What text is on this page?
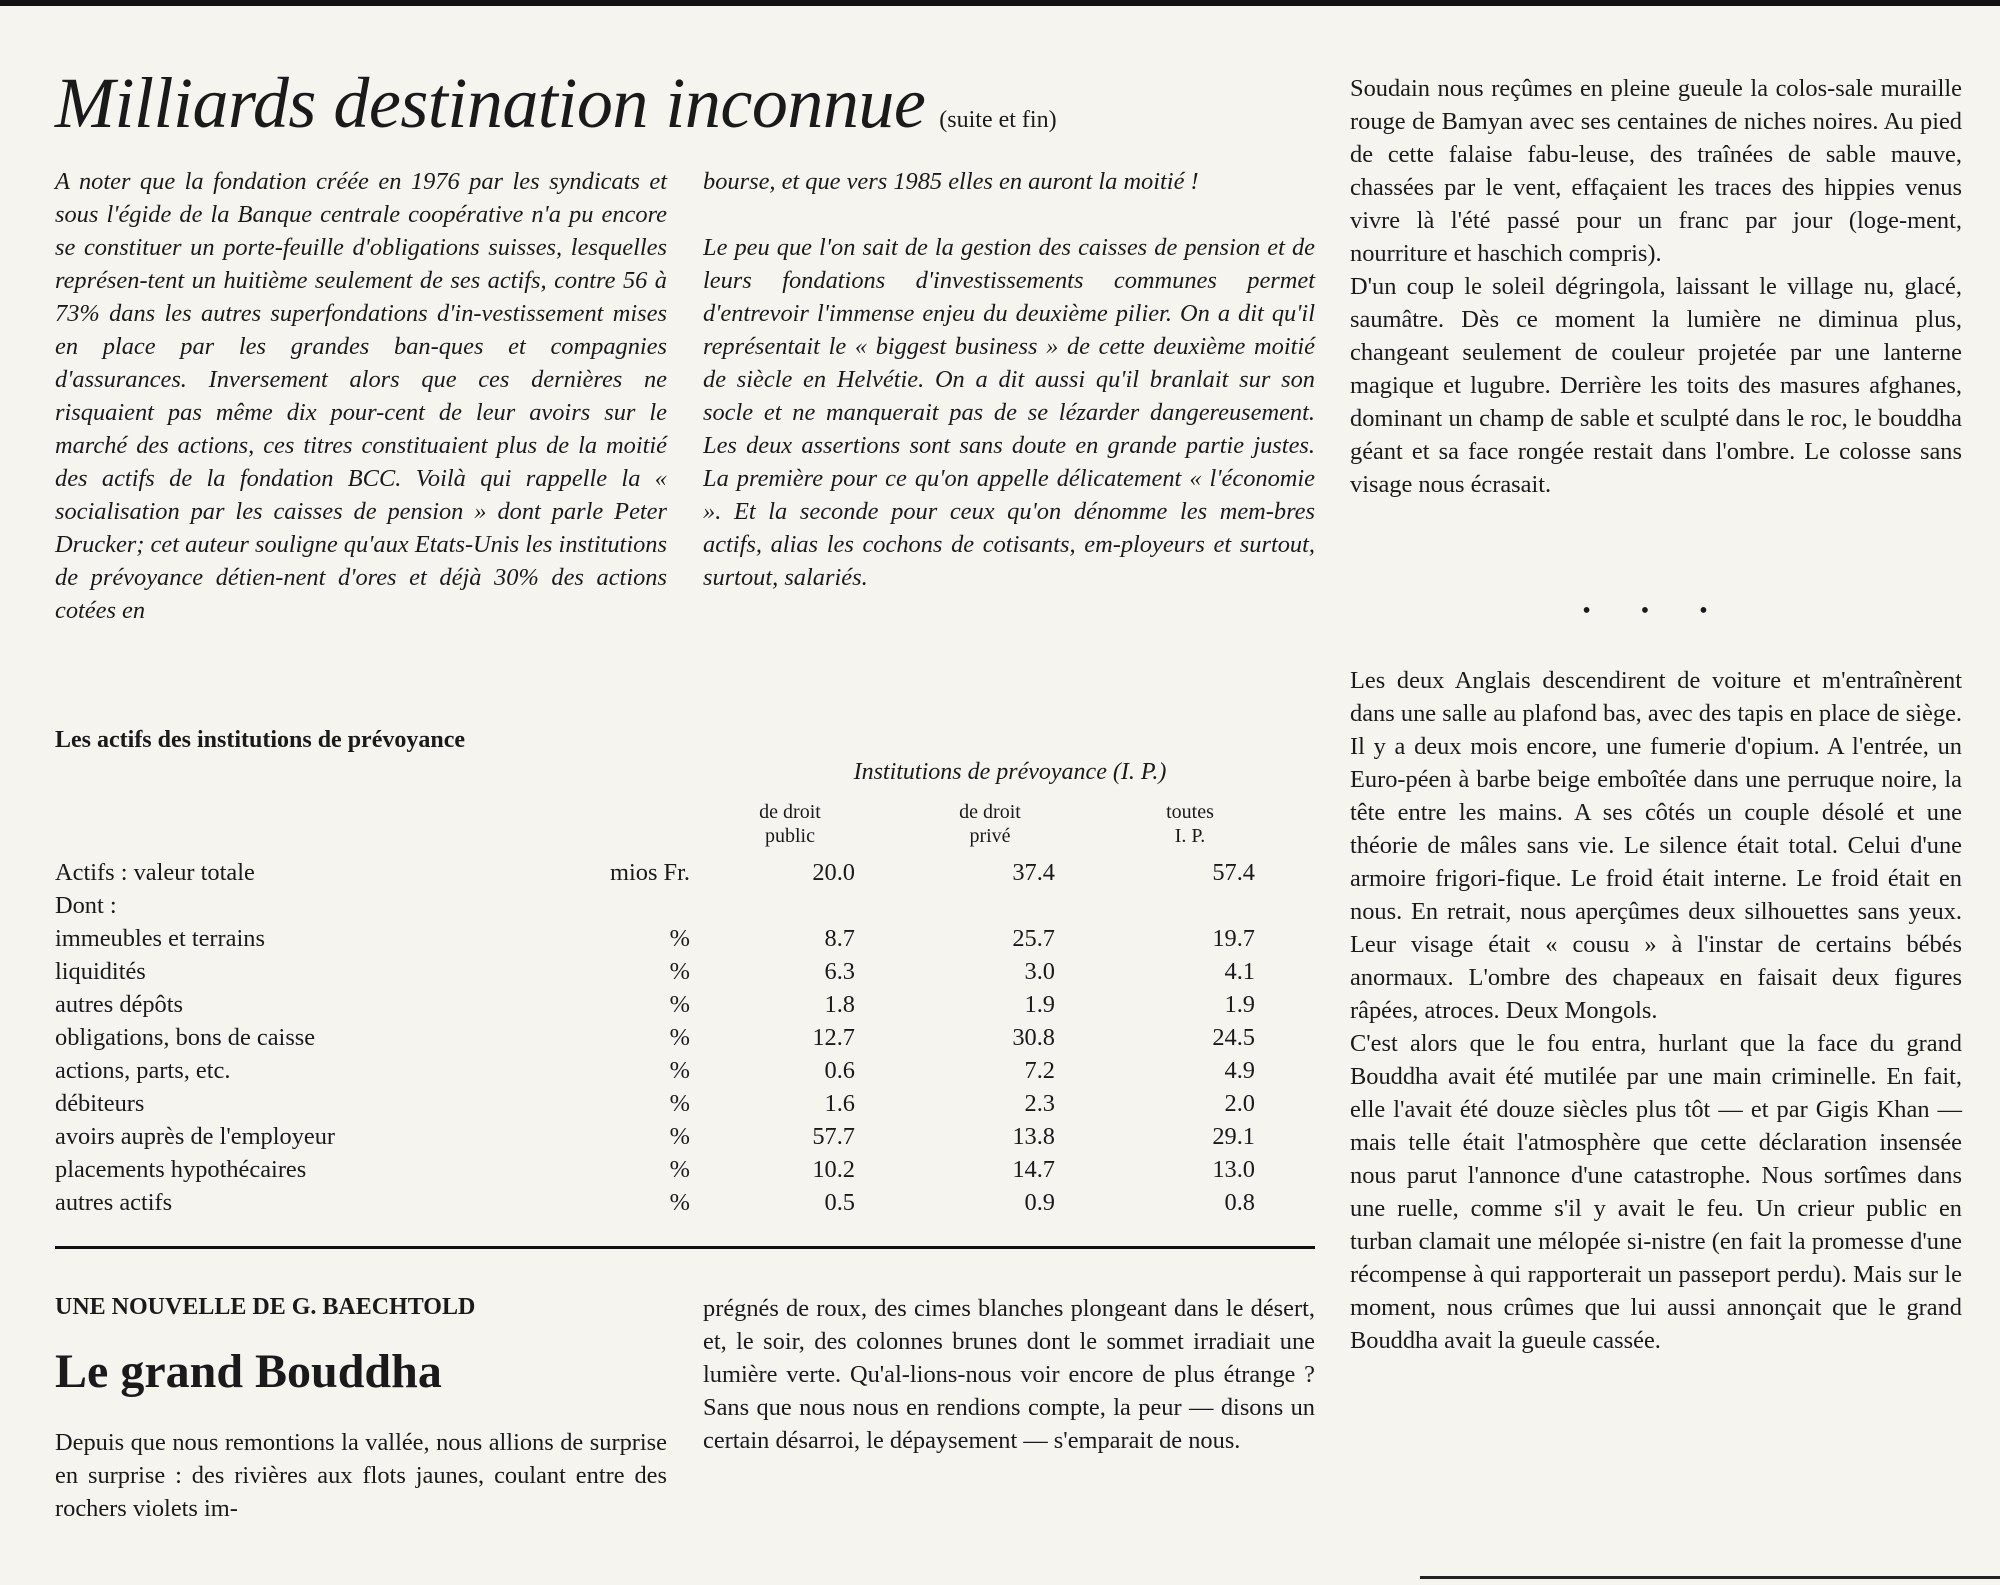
Milliards destination inconnue (suite et fin)

A noter que la fondation créée en 1976 par les syndicats et sous l'égide de la Banque centrale coopérative n'a pu encore se constituer un porte-feuille d'obligations suisses, lesquelles représen-tent un huitième seulement de ses actifs, contre 56 à 73% dans les autres superfondations d'in-vestissement mises en place par les grandes ban-ques et compagnies d'assurances. Inversement alors que ces dernières ne risquaient pas même dix pour-cent de leur avoirs sur le marché des actions, ces titres constituaient plus de la moitié des actifs de la fondation BCC. Voilà qui rappelle la « socialisation par les caisses de pension » dont parle Peter Drucker; cet auteur souligne qu'aux Etats-Unis les institutions de prévoyance détien-nent d'ores et déjà 30% des actions cotées en

bourse, et que vers 1985 elles en auront la moitié !

Le peu que l'on sait de la gestion des caisses de pension et de leurs fondations d'investissements communes permet d'entrevoir l'immense enjeu du deuxième pilier. On a dit qu'il représentait le « biggest business » de cette deuxième moitié de siècle en Helvétie. On a dit aussi qu'il branlait sur son socle et ne manquerait pas de se lézarder dangereusement. Les deux assertions sont sans doute en grande partie justes. La première pour ce qu'on appelle délicatement « l'économie ». Et la seconde pour ceux qu'on dénomme les mem-bres actifs, alias les cochons de cotisants, em-ployeurs et surtout, surtout, salariés.

Soudain nous reçûmes en pleine gueule la colos-sale muraille rouge de Bamyan avec ses centaines de niches noires. Au pied de cette falaise fabu-leuse, des traînées de sable mauve, chassées par le vent, effaçaient les traces des hippies venus vivre là l'été passé pour un franc par jour (loge-ment, nourriture et haschich compris).

D'un coup le soleil dégringola, laissant le village nu, glacé, saumâtre. Dès ce moment la lumière ne diminua plus, changeant seulement de couleur projetée par une lanterne magique et lugubre. Derrière les toits des masures afghanes, dominant un champ de sable et sculpté dans le roc, le bouddha géant et sa face rongée restait dans l'ombre. Le colosse sans visage nous écrasait.

• • •

Les deux Anglais descendirent de voiture et m'entraînèrent dans une salle au plafond bas, avec des tapis en place de siège. Il y a deux mois encore, une fumerie d'opium. A l'entrée, un Euro-péen à barbe beige emboîtée dans une perruque noire, la tête entre les mains. A ses côtés un couple désolé et une théorie de mâles sans vie. Le silence était total. Celui d'une armoire frigori-fique. Le froid était interne. Le froid était en nous. En retrait, nous aperçûmes deux silhouettes sans yeux. Leur visage était « cousu » à l'instar de certains bébés anormaux. L'ombre des chapeaux en faisait deux figures râpées, atroces. Deux Mongols.

C'est alors que le fou entra, hurlant que la face du grand Bouddha avait été mutilée par une main criminelle. En fait, elle l'avait été douze siècles plus tôt — et par Gigis Khan — mais telle était l'atmosphère que cette déclaration insensée nous parut l'annonce d'une catastrophe. Nous sortîmes dans une ruelle, comme s'il y avait le feu. Un crieur public en turban clamait une mélopée si-nistre (en fait la promesse d'une récompense à qui rapporterait un passeport perdu). Mais sur le moment, nous crûmes que lui aussi annonçait que le grand Bouddha avait la gueule cassée.

Les actifs des institutions de prévoyance
Institutions de prévoyance (I. P.)
de droit
public
de droit
privé
toutes
I. P.
Actifs : valeur totale	mios Fr.	20.0	37.4	57.4
Dont :
immeubles et terrains	%	8.7	25.7	19.7
liquidités	%	6.3	3.0	4.1
autres dépôts	%	1.8	1.9	1.9
obligations, bons de caisse	%	12.7	30.8	24.5
actions, parts, etc.	%	0.6	7.2	4.9
débiteurs	%	1.6	2.3	2.0
avoirs auprès de l'employeur	%	57.7	13.8	29.1
placements hypothécaires	%	10.2	14.7	13.0
autres actifs	%	0.5	0.9	0.8
UNE NOUVELLE DE G. BAECHTOLD
Le grand Bouddha

Depuis que nous remontions la vallée, nous allions de surprise en surprise : des rivières aux flots jaunes, coulant entre des rochers violets im-

prégnés de roux, des cimes blanches plongeant dans le désert, et, le soir, des colonnes brunes dont le sommet irradiait une lumière verte. Qu'al-lions-nous voir encore de plus étrange ? Sans que nous nous en rendions compte, la peur — disons un certain désarroi, le dépaysement — s'emparait de nous.
